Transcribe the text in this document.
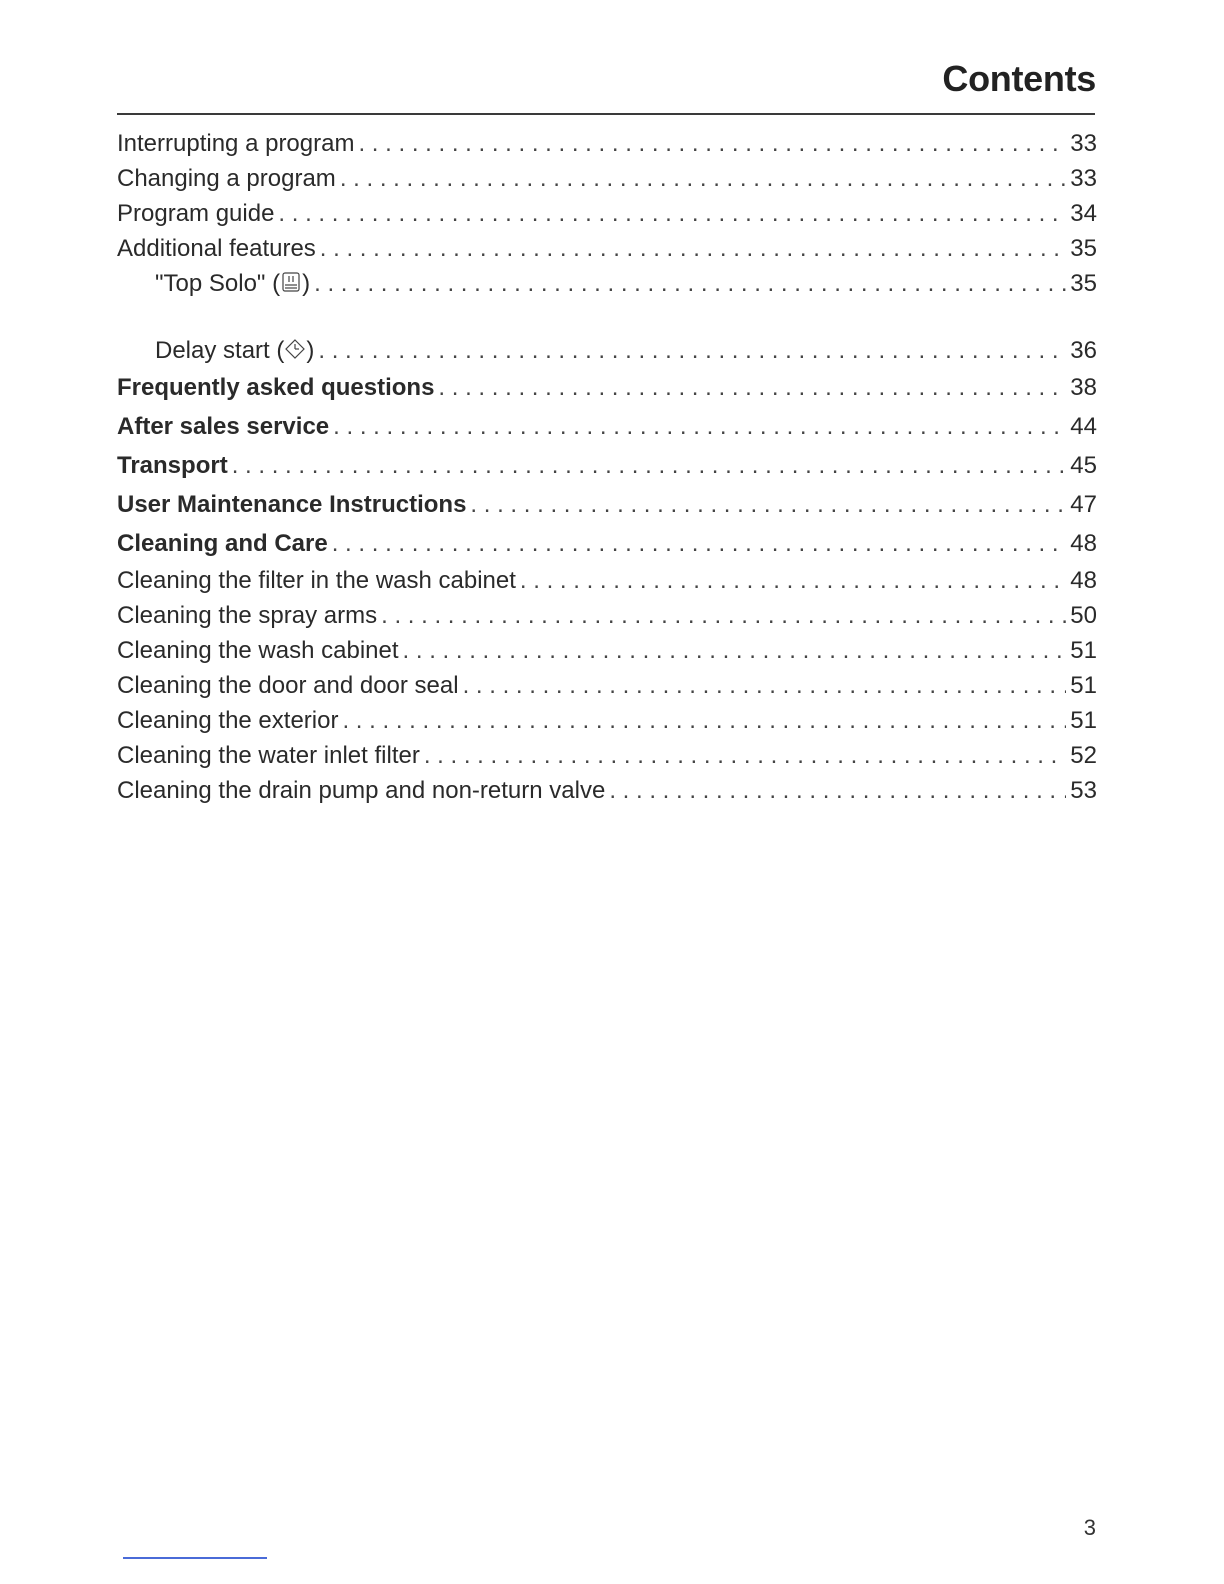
Contents
Interrupting a program . . .	33
Changing a program . . .	33
Program guide . . .	34
Additional features . . .	35
"Top Solo" ( ) . . .	35
Delay start ( ) . . .	36
Frequently asked questions . . .	38
After sales service . . .	44
Transport . . .	45
User Maintenance Instructions . . .	47
Cleaning and Care . . .	48
Cleaning the filter in the wash cabinet . . .	48
Cleaning the spray arms . . .	50
Cleaning the wash cabinet . . .	51
Cleaning the door and door seal . . .	51
Cleaning the exterior . . .	51
Cleaning the water inlet filter . . .	52
Cleaning the drain pump and non-return valve . . .	53
3
